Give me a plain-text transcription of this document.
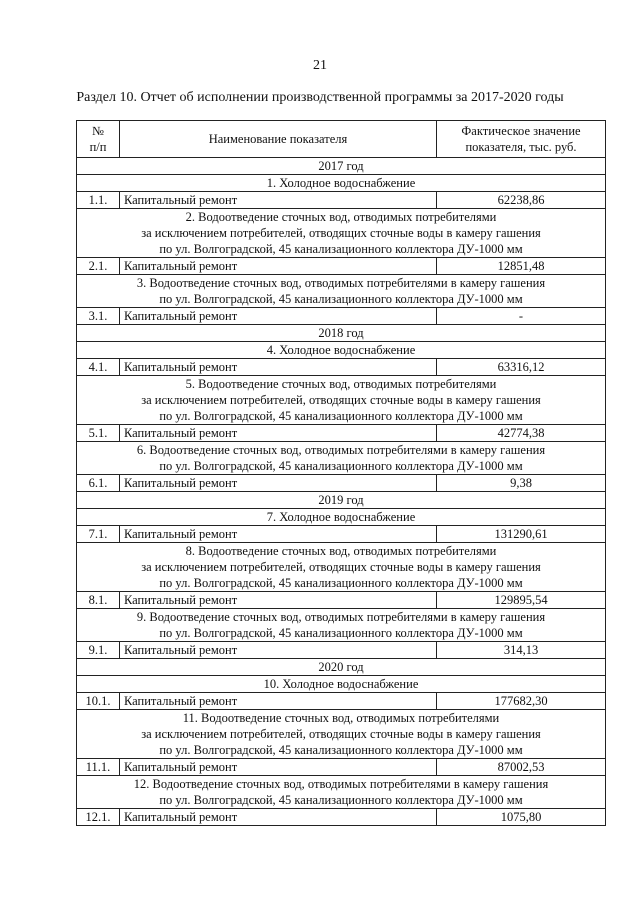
21
Раздел 10. Отчет об исполнении производственной программы за 2017-2020 годы
№
п/п	Наименование показателя	Фактическое значение показателя, тыс. руб.
2017 год		
1. Холодное водоснабжение		
1.1.	Капитальный ремонт	62238,86
2. Водоотведение сточных вод, отводимых потребителями
за исключением потребителей, отводящих сточные воды в камеру гашения
по ул. Волгоградской, 45 канализационного коллектора ДУ-1000 мм		
2.1.	Капитальный ремонт	12851,48
3. Водоотведение сточных вод, отводимых потребителями в камеру гашения
по ул. Волгоградской, 45 канализационного коллектора ДУ-1000 мм		
3.1.	Капитальный ремонт	-
2018 год		
4. Холодное водоснабжение		
4.1.	Капитальный ремонт	63316,12
5. Водоотведение сточных вод, отводимых потребителями
за исключением потребителей, отводящих сточные воды в камеру гашения
по ул. Волгоградской, 45 канализационного коллектора ДУ-1000 мм		
5.1.	Капитальный ремонт	42774,38
6. Водоотведение сточных вод, отводимых потребителями в камеру гашения
по ул. Волгоградской, 45 канализационного коллектора ДУ-1000 мм		
6.1.	Капитальный ремонт	9,38
2019 год		
7. Холодное водоснабжение		
7.1.	Капитальный ремонт	131290,61
8. Водоотведение сточных вод, отводимых потребителями
за исключением потребителей, отводящих сточные воды в камеру гашения
по ул. Волгоградской, 45 канализационного коллектора ДУ-1000 мм		
8.1.	Капитальный ремонт	129895,54
9. Водоотведение сточных вод, отводимых потребителями в камеру гашения
по ул. Волгоградской, 45 канализационного коллектора ДУ-1000 мм		
9.1.	Капитальный ремонт	314,13
2020 год		
10. Холодное водоснабжение		
10.1.	Капитальный ремонт	177682,30
11. Водоотведение сточных вод, отводимых потребителями
за исключением потребителей, отводящих сточные воды в камеру гашения
по ул. Волгоградской, 45 канализационного коллектора ДУ-1000 мм		
11.1.	Капитальный ремонт	87002,53
12. Водоотведение сточных вод, отводимых потребителями в камеру гашения
по ул. Волгоградской, 45 канализационного коллектора ДУ-1000 мм		
12.1.	Капитальный ремонт	1075,80
